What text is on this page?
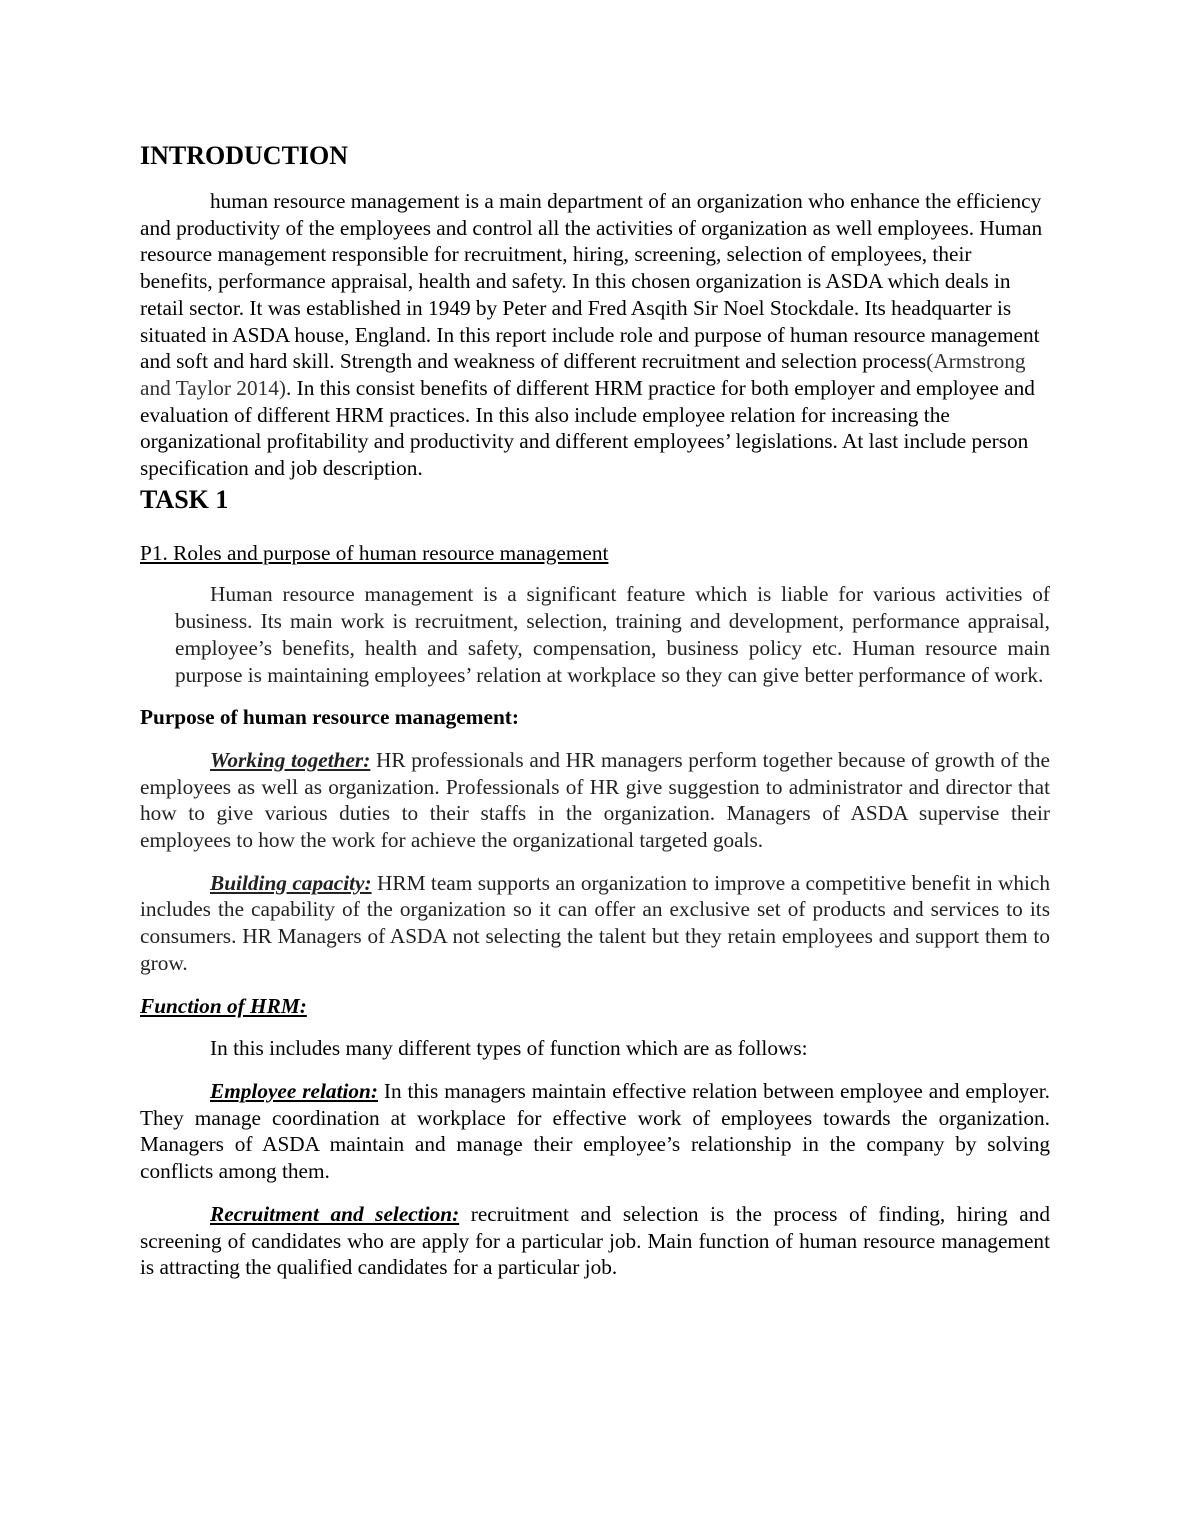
INTRODUCTION

human resource management is a main department of an organization who enhance the efficiency and productivity of the employees and control all the activities of organization as well employees. Human resource management responsible for recruitment, hiring, screening, selection of employees, their benefits, performance appraisal, health and safety. In this chosen organization is ASDA which deals in retail sector. It was established in 1949 by Peter and Fred Asqith Sir Noel Stockdale. Its headquarter is situated in ASDA house, England. In this report include role and purpose of human resource management and soft and hard skill. Strength and weakness of different recruitment and selection process(Armstrong and Taylor 2014). In this consist benefits of different HRM practice for both employer and employee and evaluation of different HRM practices. In this also include employee relation for increasing the organizational profitability and productivity and different employees’ legislations. At last include person specification and job description.

TASK 1

P1. Roles and purpose of human resource management

Human resource management is a significant feature which is liable for various activities of business. Its main work is recruitment, selection, training and development, performance appraisal, employee’s benefits, health and safety, compensation, business policy etc. Human resource main purpose is maintaining employees’ relation at workplace so they can give better performance of work.

Purpose of human resource management:

Working together: HR professionals and HR managers perform together because of growth of the employees as well as organization. Professionals of HR give suggestion to administrator and director that how to give various duties to their staffs in the organization. Managers of ASDA supervise their employees to how the work for achieve the organizational targeted goals.

Building capacity: HRM team supports an organization to improve a competitive benefit in which includes the capability of the organization so it can offer an exclusive set of products and services to its consumers. HR Managers of ASDA not selecting the talent but they retain employees and support them to grow.

Function of HRM:

In this includes many different types of function which are as follows:

Employee relation: In this managers maintain effective relation between employee and employer. They manage coordination at workplace for effective work of employees towards the organization. Managers of ASDA maintain and manage their employee’s relationship in the company by solving conflicts among them.

Recruitment and selection: recruitment and selection is the process of finding, hiring and screening of candidates who are apply for a particular job. Main function of human resource management is attracting the qualified candidates for a particular job.
